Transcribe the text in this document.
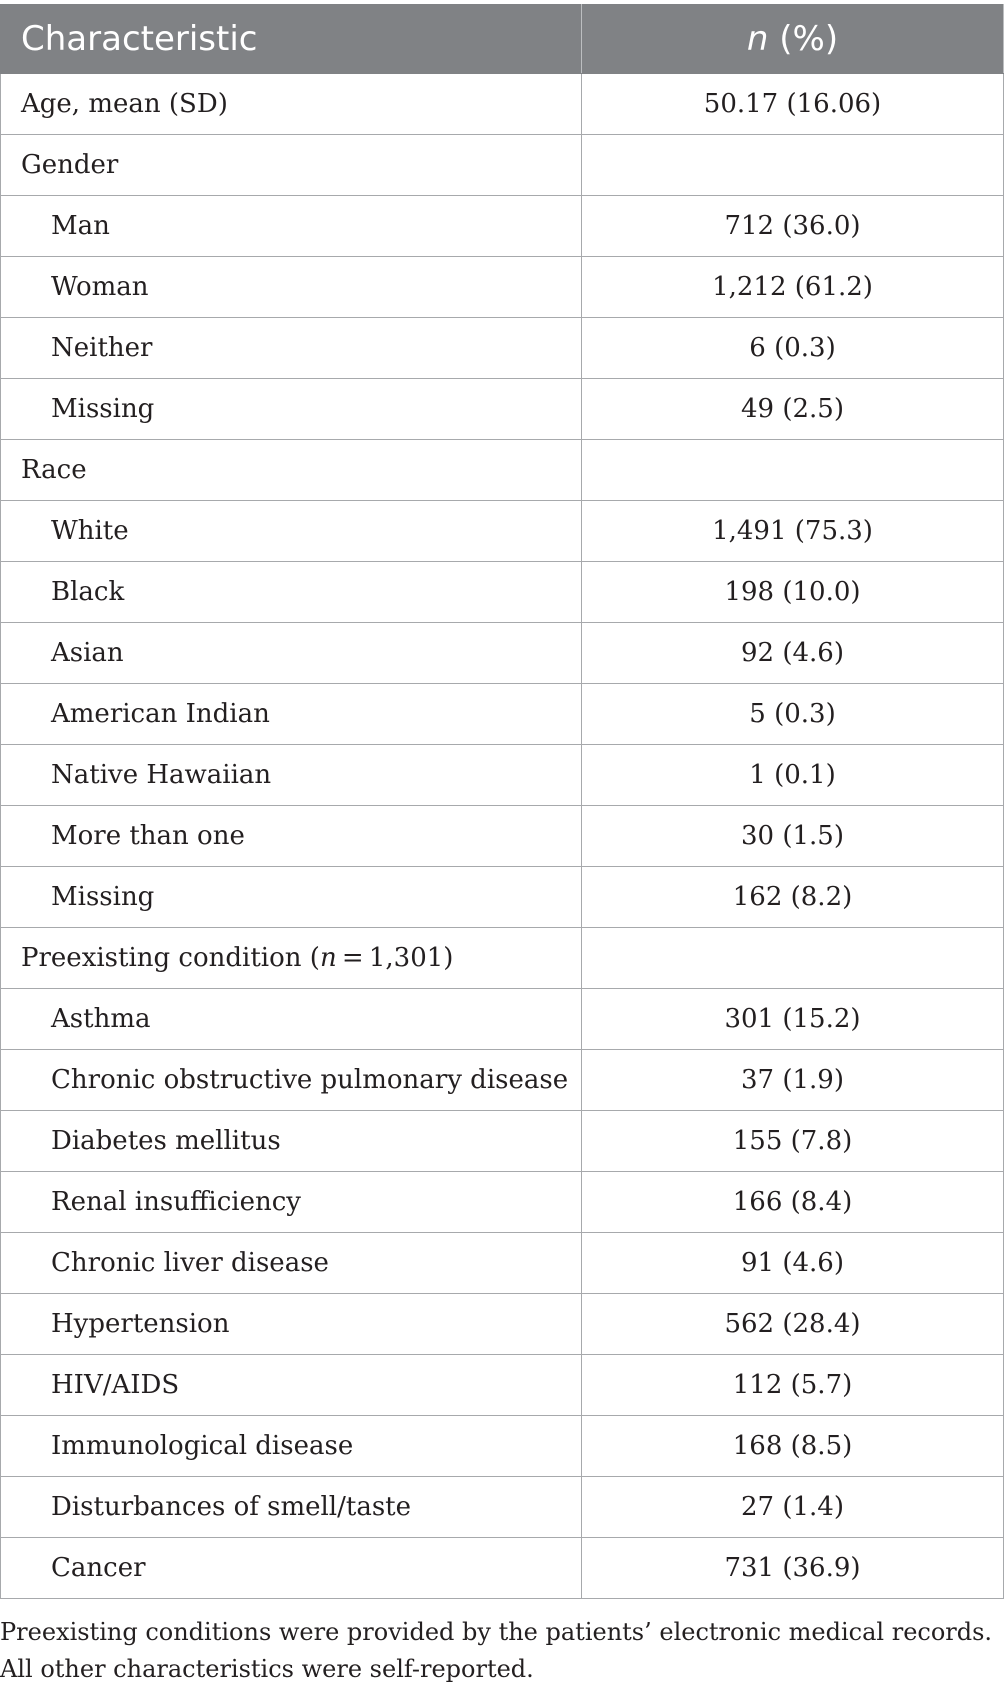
Characteristic	n (%)
Age, mean (SD)	50.17 (16.06)
Gender	
Man	712 (36.0)
Woman	1,212 (61.2)
Neither	6 (0.3)
Missing	49 (2.5)
Race	
White	1,491 (75.3)
Black	198 (10.0)
Asian	92 (4.6)
American Indian	5 (0.3)
Native Hawaiian	1 (0.1)
More than one	30 (1.5)
Missing	162 (8.2)
Preexisting condition (n = 1,301)	
Asthma	301 (15.2)
Chronic obstructive pulmonary disease	37 (1.9)
Diabetes mellitus	155 (7.8)
Renal insufficiency	166 (8.4)
Chronic liver disease	91 (4.6)
Hypertension	562 (28.4)
HIV/AIDS	112 (5.7)
Immunological disease	168 (8.5)
Disturbances of smell/taste	27 (1.4)
Cancer	731 (36.9)
Preexisting conditions were provided by the patients’ electronic medical records. All other characteristics were self-reported.
